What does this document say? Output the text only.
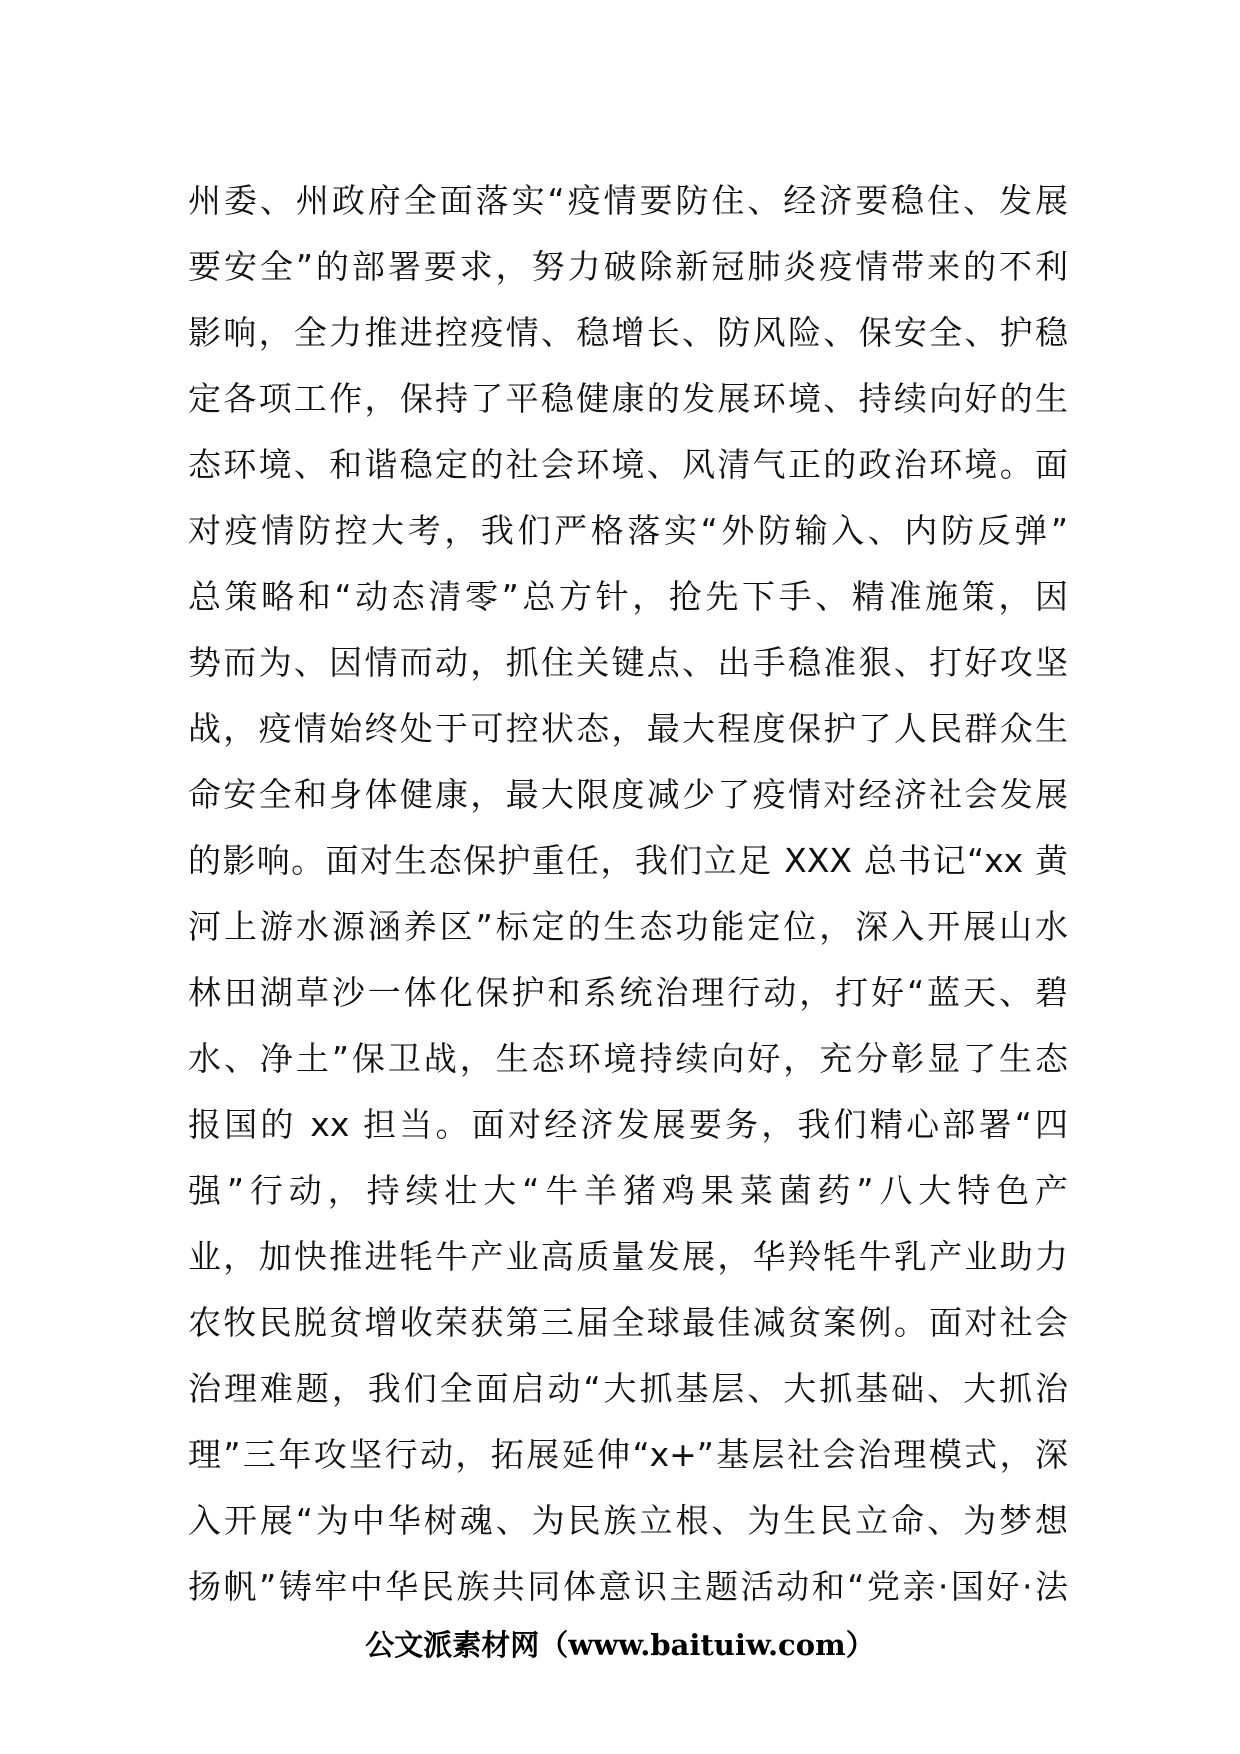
州委、州政府全面落实“疫情要防住、经济要稳住、发展
要安全”的部署要求，努力破除新冠肺炎疫情带来的不利
影响，全力推进控疫情、稳增长、防风险、保安全、护稳
定各项工作，保持了平稳健康的发展环境、持续向好的生
态环境、和谐稳定的社会环境、风清气正的政治环境。面
对疫情防控大考，我们严格落实“外防输入、内防反弹”
总策略和“动态清零”总方针，抢先下手、精准施策，因
势而为、因情而动，抓住关键点、出手稳准狠、打好攻坚
战，疫情始终处于可控状态，最大程度保护了人民群众生
命安全和身体健康，最大限度减少了疫情对经济社会发展
的影响。面对生态保护重任，我们立足 XXX 总书记“xx 黄
河上游水源涵养区”标定的生态功能定位，深入开展山水
林田湖草沙一体化保护和系统治理行动，打好“蓝天、碧
水、净土”保卫战，生态环境持续向好，充分彰显了生态
报国的 xx 担当。面对经济发展要务，我们精心部署“四
强”行动，持续壮大“牛羊猪鸡果菜菌药”八大特色产
业，加快推进牦牛产业高质量发展，华羚牦牛乳产业助力
农牧民脱贫增收荣获第三届全球最佳减贫案例。面对社会
治理难题，我们全面启动“大抓基层、大抓基础、大抓治
理”三年攻坚行动，拓展延伸“x+”基层社会治理模式，深
入开展“为中华树魂、为民族立根、为生民立命、为梦想
扬帆”铸牢中华民族共同体意识主题活动和“党亲·国好·法
公文派素材网（www.baituiw.com）
